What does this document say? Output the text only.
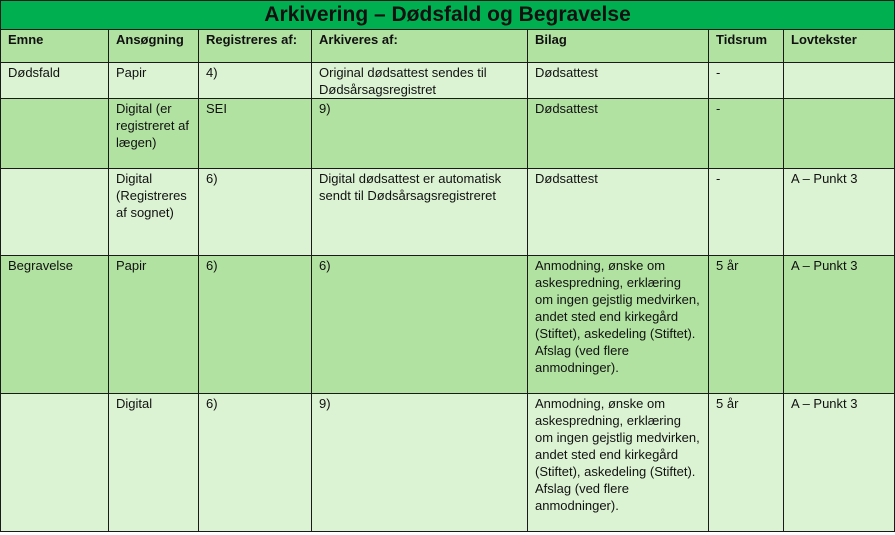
Arkivering – Dødsfald og Begravelse						
Emne	Ansøgning	Registreres af:	Arkiveres af:	Bilag	Tidsrum	Lovtekster
Dødsfald	Papir	4)	Original dødsattest sendes til Dødsårsagsregistret	Dødsattest	-	
	Digital (er registreret af lægen)	SEI	9)	Dødsattest	-	
	Digital (Registreres af sognet)	6)	Digital dødsattest er automatisk sendt til Dødsårsagsregistreret	Dødsattest	-	A – Punkt 3
Begravelse	Papir	6)	6)	Anmodning, ønske om askespredning, erklæring om ingen gejstlig medvirken, andet sted end kirkegård (Stiftet), askedeling (Stiftet). Afslag (ved flere anmodninger).	5 år	A – Punkt 3
	Digital	6)	9)	Anmodning, ønske om askespredning, erklæring om ingen gejstlig medvirken, andet sted end kirkegård (Stiftet), askedeling (Stiftet). Afslag (ved flere anmodninger).	5 år	A – Punkt 3
